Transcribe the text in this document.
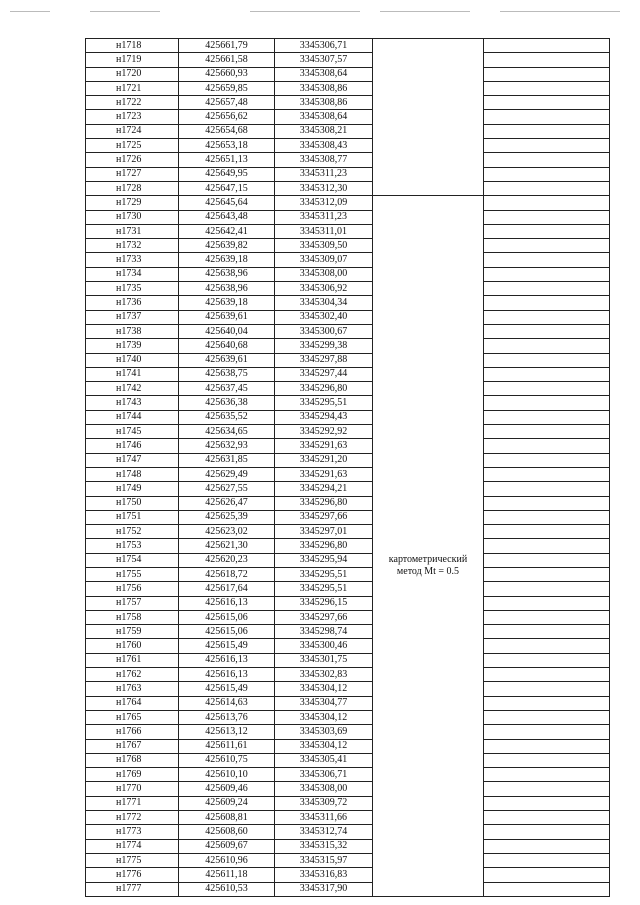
н1718	425661,79	3345306,71		
н1719	425661,58	3345307,57		
н1720	425660,93	3345308,64		
н1721	425659,85	3345308,86		
н1722	425657,48	3345308,86		
н1723	425656,62	3345308,64		
н1724	425654,68	3345308,21		
н1725	425653,18	3345308,43		
н1726	425651,13	3345308,77		
н1727	425649,95	3345311,23		
н1728	425647,15	3345312,30		
н1729	425645,64	3345312,09	картометрический
метод Mt = 0.5	

н1730	425643,48	3345311,23		
н1731	425642,41	3345311,01		
н1732	425639,82	3345309,50		
н1733	425639,18	3345309,07		
н1734	425638,96	3345308,00		
н1735	425638,96	3345306,92		
н1736	425639,18	3345304,34		
н1737	425639,61	3345302,40		
н1738	425640,04	3345300,67		
н1739	425640,68	3345299,38		
н1740	425639,61	3345297,88		
н1741	425638,75	3345297,44		
н1742	425637,45	3345296,80		
н1743	425636,38	3345295,51		
н1744	425635,52	3345294,43		
н1745	425634,65	3345292,92		
н1746	425632,93	3345291,63		
н1747	425631,85	3345291,20		
н1748	425629,49	3345291,63		
н1749	425627,55	3345294,21		
н1750	425626,47	3345296,80		
н1751	425625,39	3345297,66		
н1752	425623,02	3345297,01		
н1753	425621,30	3345296,80		
н1754	425620,23	3345295,94		
н1755	425618,72	3345295,51		
н1756	425617,64	3345295,51		
н1757	425616,13	3345296,15		
н1758	425615,06	3345297,66		
н1759	425615,06	3345298,74		
н1760	425615,49	3345300,46		
н1761	425616,13	3345301,75		
н1762	425616,13	3345302,83		
н1763	425615,49	3345304,12		
н1764	425614,63	3345304,77		
н1765	425613,76	3345304,12		
н1766	425613,12	3345303,69		
н1767	425611,61	3345304,12		
н1768	425610,75	3345305,41		
н1769	425610,10	3345306,71		
н1770	425609,46	3345308,00		
н1771	425609,24	3345309,72		
н1772	425608,81	3345311,66		
н1773	425608,60	3345312,74		
н1774	425609,67	3345315,32		
н1775	425610,96	3345315,97		
н1776	425611,18	3345316,83		
н1777	425610,53	3345317,90		
